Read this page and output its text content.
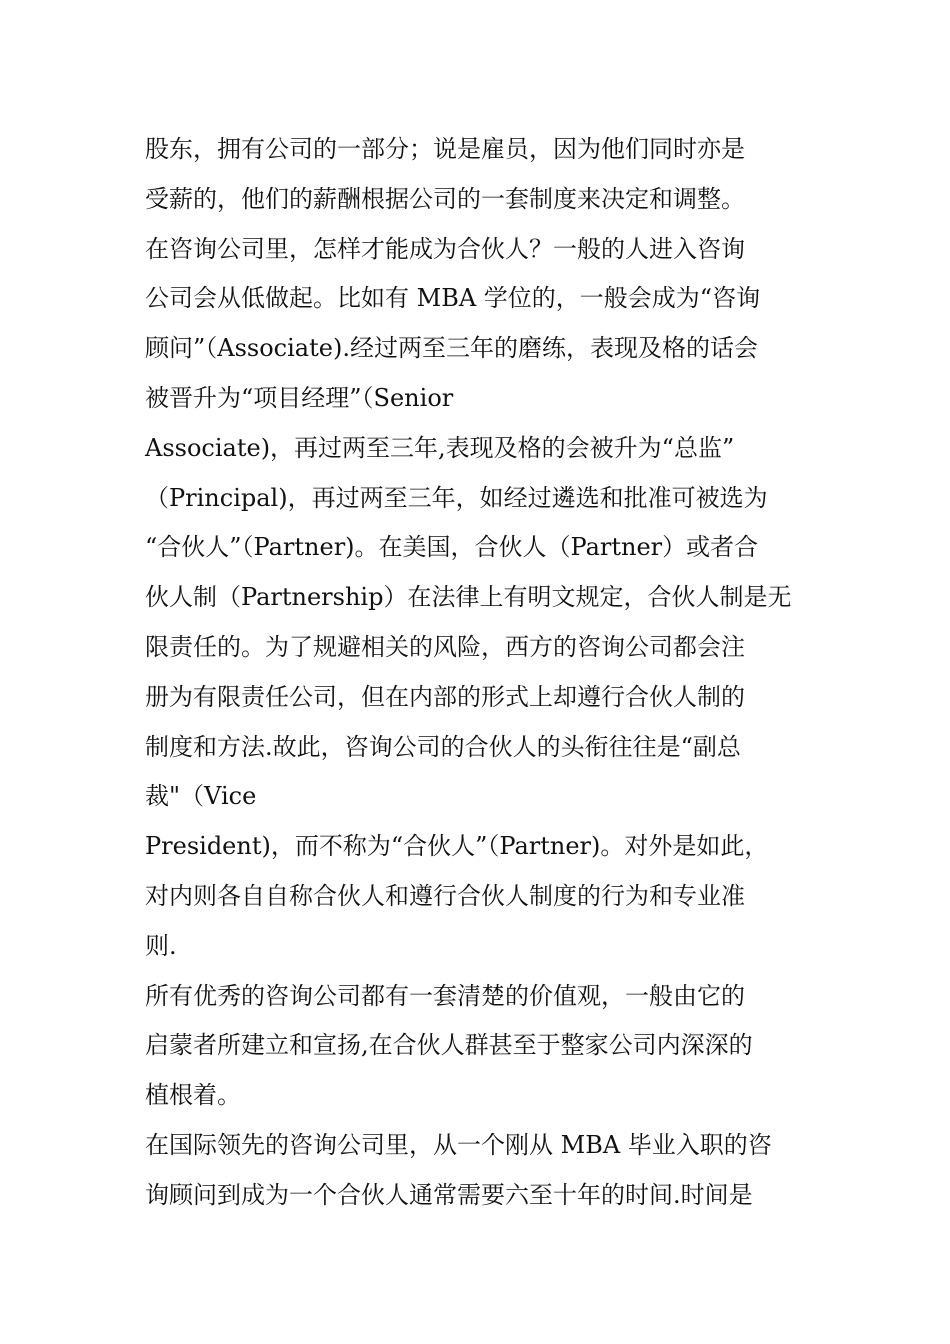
股东，拥有公司的一部分；说是雇员，因为他们同时亦是
受薪的，他们的薪酬根据公司的一套制度来决定和调整。
在咨询公司里，怎样才能成为合伙人？一般的人进入咨询
公司会从低做起。比如有 MBA 学位的，一般会成为“咨询
顾问”（Associate).经过两至三年的磨练，表现及格的话会
被晋升为“项目经理”（Senior
Associate)，再过两至三年,表现及格的会被升为“总监”
（Principal)，再过两至三年，如经过遴选和批准可被选为
“合伙人”（Partner)。在美国，合伙人（Partner）或者合
伙人制（Partnership）在法律上有明文规定，合伙人制是无
限责任的。为了规避相关的风险，西方的咨询公司都会注
册为有限责任公司，但在内部的形式上却遵行合伙人制的
制度和方法.故此，咨询公司的合伙人的头衔往往是“副总
裁"（Vice
President)，而不称为“合伙人”（Partner)。对外是如此，
对内则各自自称合伙人和遵行合伙人制度的行为和专业准
则.
所有优秀的咨询公司都有一套清楚的价值观，一般由它的
启蒙者所建立和宣扬,在合伙人群甚至于整家公司内深深的
植根着。
在国际领先的咨询公司里，从一个刚从 MBA 毕业入职的咨
询顾问到成为一个合伙人通常需要六至十年的时间.时间是
